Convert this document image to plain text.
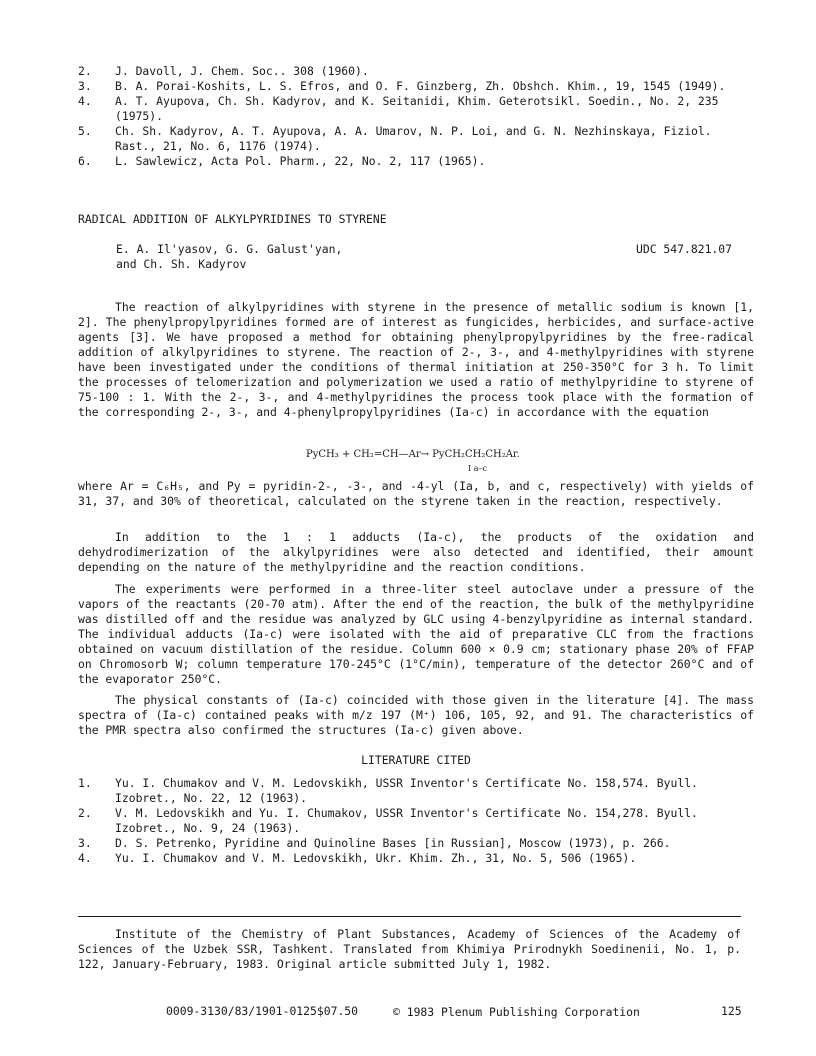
2.	J. Davoll, J. Chem. Soc.. 308 (1960).
3.	B. A. Porai-Koshits, L. S. Efros, and O. F. Ginzberg, Zh. Obshch. Khim., 19, 1545 (1949).
4.	A. T. Ayupova, Ch. Sh. Kadyrov, and K. Seitanidi, Khim. Geterotsikl. Soedin., No. 2, 235 (1975).
5.	Ch. Sh. Kadyrov, A. T. Ayupova, A. A. Umarov, N. P. Loi, and G. N. Nezhinskaya, Fiziol. Rast., 21, No. 6, 1176 (1974).
6.	L. Sawlewicz, Acta Pol. Pharm., 22, No. 2, 117 (1965).
RADICAL ADDITION OF ALKYLPYRIDINES TO STYRENE
E. A. Il'yasov, G. G. Galust'yan,
and Ch. Sh. Kadyrov
UDC 547.821.07

The reaction of alkylpyridines with styrene in the presence of metallic sodium is known [1, 2]. The phenylpropylpyridines formed are of interest as fungicides, herbicides, and surface-active agents [3]. We have proposed a method for obtaining phenylpropylpyridines by the free-radical addition of alkylpyridines to styrene. The reaction of 2-, 3-, and 4-methylpyridines with styrene have been investigated under the conditions of thermal initiation at 250-350°C for 3 h. To limit the processes of telomerization and polymerization we used a ratio of methylpyridine to styrene of 75-100 : 1. With the 2-, 3-, and 4-methylpyridines the process took place with the formation of the corresponding 2-, 3-, and 4-phenylpropylpyridines (Ia-c) in accordance with the equation

PyCH₃ + CH₂=CH—Ar→ PyCH₂CH₂CH₂Ar.
I a–c

where Ar = C₆H₅, and Py = pyridin-2-, -3-, and -4-yl (Ia, b, and c, respectively) with yields of 31, 37, and 30% of theoretical, calculated on the styrene taken in the reaction, respectively.

In addition to the 1 : 1 adducts (Ia-c), the products of the oxidation and dehydrodimerization of the alkylpyridines were also detected and identified, their amount depending on the nature of the methylpyridine and the reaction conditions.

The experiments were performed in a three-liter steel autoclave under a pressure of the vapors of the reactants (20-70 atm). After the end of the reaction, the bulk of the methylpyridine was distilled off and the residue was analyzed by GLC using 4-benzylpyridine as internal standard. The individual adducts (Ia-c) were isolated with the aid of preparative CLC from the fractions obtained on vacuum distillation of the residue. Column 600 × 0.9 cm; stationary phase 20% of FFAP on Chromosorb W; column temperature 170-245°C (1°C/min), temperature of the detector 260°C and of the evaporator 250°C.

The physical constants of (Ia-c) coincided with those given in the literature [4]. The mass spectra of (Ia-c) contained peaks with m/z 197 (M⁺) 106, 105, 92, and 91. The characteristics of the PMR spectra also confirmed the structures (Ia-c) given above.

LITERATURE CITED
1.	Yu. I. Chumakov and V. M. Ledovskikh, USSR Inventor's Certificate No. 158,574. Byull. Izobret., No. 22, 12 (1963).
2.	V. M. Ledovskikh and Yu. I. Chumakov, USSR Inventor's Certificate No. 154,278. Byull. Izobret., No. 9, 24 (1963).
3.	D. S. Petrenko, Pyridine and Quinoline Bases [in Russian], Moscow (1973), p. 266.
4.	Yu. I. Chumakov and V. M. Ledovskikh, Ukr. Khim. Zh., 31, No. 5, 506 (1965).

Institute of the Chemistry of Plant Substances, Academy of Sciences of the Academy of Sciences of the Uzbek SSR, Tashkent. Translated from Khimiya Prirodnykh Soedinenii, No. 1, p. 122, January-February, 1983. Original article submitted July 1, 1982.

0009-3130/83/1901-0125$07.50	© 1983 Plenum Publishing Corporation	125
